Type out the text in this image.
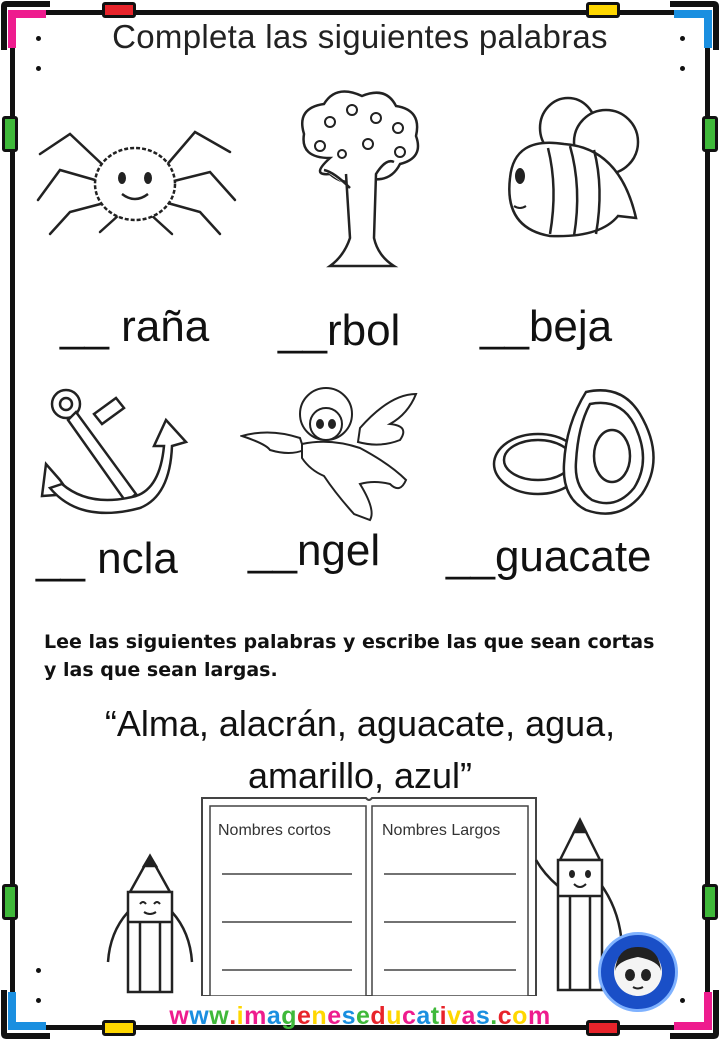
Completa las siguientes palabras
__ raña __rbol __beja
__ ncla __ngel __guacate
Lee las siguientes palabras y escribe las que sean cortas y las que sean largas.
“Alma, alacrán, aguacate, agua,
amarillo, azul”
Nombres cortos	Nombres Largos
www.imageneseducativas.com
